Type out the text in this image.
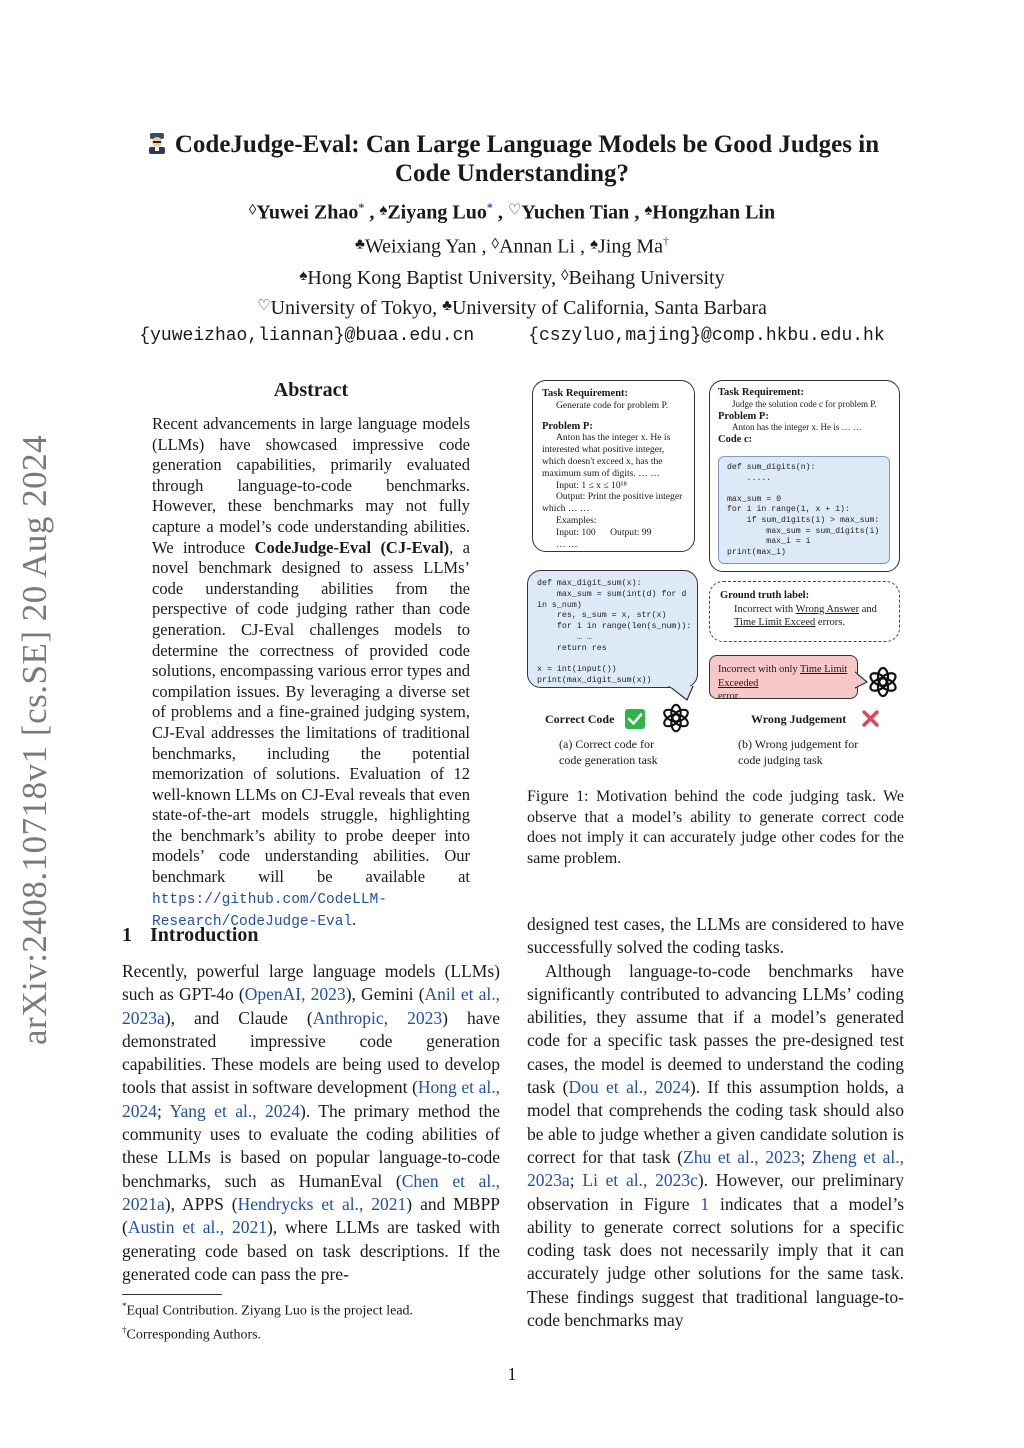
arXiv:2408.10718v1 [cs.SE] 20 Aug 2024
CodeJudge-Eval: Can Large Language Models be Good Judges in
Code Understanding?
◊Yuwei Zhao* , ♠Ziyang Luo* , ♡Yuchen Tian , ♠Hongzhan Lin
♣Weixiang Yan , ◊Annan Li , ♠Jing Ma†
♠Hong Kong Baptist University, ◊Beihang University
♡University of Tokyo, ♣University of California, Santa Barbara
{yuweizhao,liannan}@buaa.edu.cn     {cszyluo,majing}@comp.hkbu.edu.hk
Abstract
Recent advancements in large language models (LLMs) have showcased impressive code generation capabilities, primarily evaluated through language-to-code benchmarks. However, these benchmarks may not fully capture a model’s code understanding abilities. We introduce CodeJudge-Eval (CJ-Eval), a novel benchmark designed to assess LLMs’ code understanding abilities from the perspective of code judging rather than code generation. CJ-Eval challenges models to determine the correctness of provided code solutions, encompassing various error types and compilation issues. By leveraging a diverse set of problems and a fine-grained judging system, CJ-Eval addresses the limitations of traditional benchmarks, including the potential memorization of solutions. Evaluation of 12 well-known LLMs on CJ-Eval reveals that even state-of-the-art models struggle, highlighting the benchmark’s ability to probe deeper into models’ code understanding abilities. Our benchmark will be available at https://github.com/CodeLLM-Research/CodeJudge-Eval.
1 Introduction
Recently, powerful large language models (LLMs) such as GPT-4o (OpenAI, 2023), Gemini (Anil et al., 2023a), and Claude (Anthropic, 2023) have demonstrated impressive code generation capabilities. These models are being used to develop tools that assist in software development (Hong et al., 2024; Yang et al., 2024). The primary method the community uses to evaluate the coding abilities of these LLMs is based on popular language-to-code benchmarks, such as HumanEval (Chen et al., 2021a), APPS (Hendrycks et al., 2021) and MBPP (Austin et al., 2021), where LLMs are tasked with generating code based on task descriptions. If the generated code can pass the pre-
*Equal Contribution. Ziyang Luo is the project lead.
†Corresponding Authors.
Task Requirement:
Generate code for problem P.
Problem P:
Anton has the integer x. He is interested what positive integer, which doesn't exceed x, has the maximum sum of digits. … …
Input: 1 ≤ x ≤ 10¹⁸
Output: Print the positive integer which … …
Examples:
Input: 100      Output: 99
… …
Task Requirement:
Judge the solution code c for problem P.
Problem P:
Anton has the integer x. He is … …
Code c:
def sum_digits(n):
.....

max_sum = 0
for i in range(1, x + 1):
if sum_digits(i) > max_sum:
max_sum = sum_digits(i)
max_i = i
print(max_i)
def max_digit_sum(x):
max_sum = sum(int(d) for d
in s_num)
res, s_sum = x, str(x)
for i in range(len(s_num)):
… …
return res

x = int(input())
print(max_digit_sum(x))
Ground truth label:
Incorrect with Wrong Answer and
Time Limit Exceed errors.
Incorrect with only Time Limit Exceeded
error.
Correct Code	Wrong Judgement
(a) Correct code for code generation task
(b) Wrong judgement for code judging task
Figure 1: Motivation behind the code judging task. We observe that a model’s ability to generate correct code does not imply it can accurately judge other codes for the same problem.

designed test cases, the LLMs are considered to have successfully solved the coding tasks.

Although language-to-code benchmarks have significantly contributed to advancing LLMs’ coding abilities, they assume that if a model’s generated code for a specific task passes the pre-designed test cases, the model is deemed to understand the coding task (Dou et al., 2024). If this assumption holds, a model that comprehends the coding task should also be able to judge whether a given candidate solution is correct for that task (Zhu et al., 2023; Zheng et al., 2023a; Li et al., 2023c). However, our preliminary observation in Figure 1 indicates that a model’s ability to generate correct solutions for a specific coding task does not necessarily imply that it can accurately judge other solutions for the same task. These findings suggest that traditional language-to-code benchmarks may

1
